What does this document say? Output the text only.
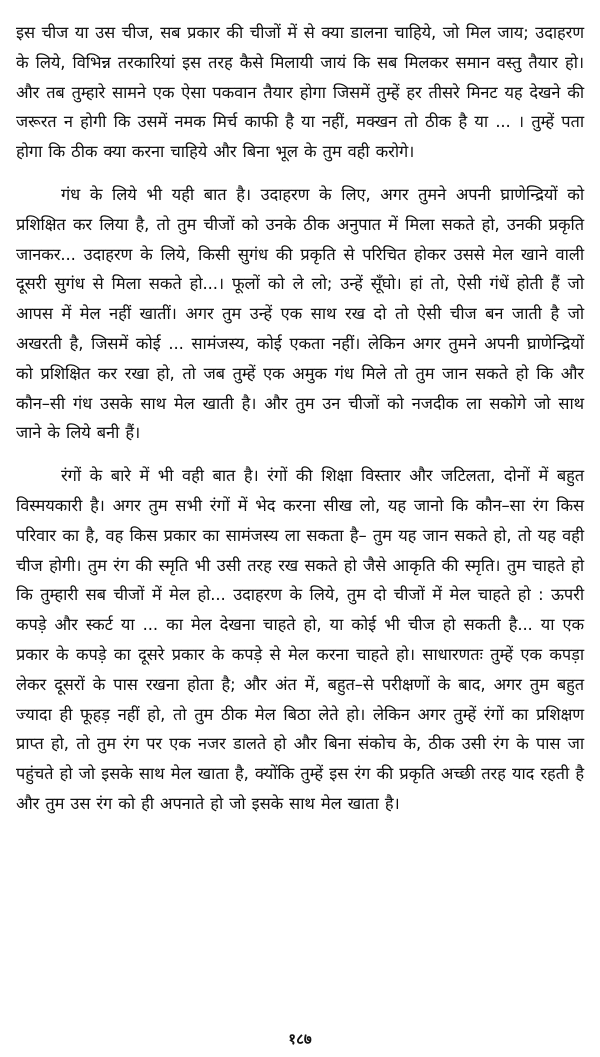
इस चीज या उस चीज, सब प्रकार की चीजों में से क्या डालना चाहिये, जो मिल जाय; उदाहरण के लिये, विभिन्न तरकारियां इस तरह कैसे मिलायी जायं कि सब मिलकर समान वस्तु तैयार हो। और तब तुम्हारे सामने एक ऐसा पकवान तैयार होगा जिसमें तुम्हें हर तीसरे मिनट यह देखने की जरूरत न होगी कि उसमें नमक मिर्च काफी है या नहीं, मक्खन तो ठीक है या ... । तुम्हें पता होगा कि ठीक क्या करना चाहिये और बिना भूल के तुम वही करोगे।

गंध के लिये भी यही बात है। उदाहरण के लिए, अगर तुमने अपनी घ्राणेन्द्रियों को प्रशिक्षित कर लिया है, तो तुम चीजों को उनके ठीक अनुपात में मिला सकते हो, उनकी प्रकृति जानकर... उदाहरण के लिये, किसी सुगंध की प्रकृति से परिचित होकर उससे मेल खाने वाली दूसरी सुगंध से मिला सकते हो...। फूलों को ले लो; उन्हें सूँघो। हां तो, ऐसी गंधें होती हैं जो आपस में मेल नहीं खातीं। अगर तुम उन्हें एक साथ रख दो तो ऐसी चीज बन जाती है जो अखरती है, जिसमें कोई ... सामंजस्य, कोई एकता नहीं। लेकिन अगर तुमने अपनी घ्राणेन्द्रियों को प्रशिक्षित कर रखा हो, तो जब तुम्हें एक अमुक गंध मिले तो तुम जान सकते हो कि और कौन–सी गंध उसके साथ मेल खाती है। और तुम उन चीजों को नजदीक ला सकोगे जो साथ जाने के लिये बनी हैं।

रंगों के बारे में भी वही बात है। रंगों की शिक्षा विस्तार और जटिलता, दोनों में बहुत विस्मयकारी है। अगर तुम सभी रंगों में भेद करना सीख लो, यह जानो कि कौन–सा रंग किस परिवार का है, वह किस प्रकार का सामंजस्य ला सकता है– तुम यह जान सकते हो, तो यह वही चीज होगी। तुम रंग की स्मृति भी उसी तरह रख सकते हो जैसे आकृति की स्मृति। तुम चाहते हो कि तुम्हारी सब चीजों में मेल हो... उदाहरण के लिये, तुम दो चीजों में मेल चाहते हो : ऊपरी कपड़े और स्कर्ट या ... का मेल देखना चाहते हो, या कोई भी चीज हो सकती है... या एक प्रकार के कपड़े का दूसरे प्रकार के कपड़े से मेल करना चाहते हो। साधारणतः तुम्हें एक कपड़ा लेकर दूसरों के पास रखना होता है; और अंत में, बहुत–से परीक्षणों के बाद, अगर तुम बहुत ज्यादा ही फूहड़ नहीं हो, तो तुम ठीक मेल बिठा लेते हो। लेकिन अगर तुम्हें रंगों का प्रशिक्षण प्राप्त हो, तो तुम रंग पर एक नजर डालते हो और बिना संकोच के, ठीक उसी रंग के पास जा पहुंचते हो जो इसके साथ मेल खाता है, क्योंकि तुम्हें इस रंग की प्रकृति अच्छी तरह याद रहती है और तुम उस रंग को ही अपनाते हो जो इसके साथ मेल खाता है।

१८७
